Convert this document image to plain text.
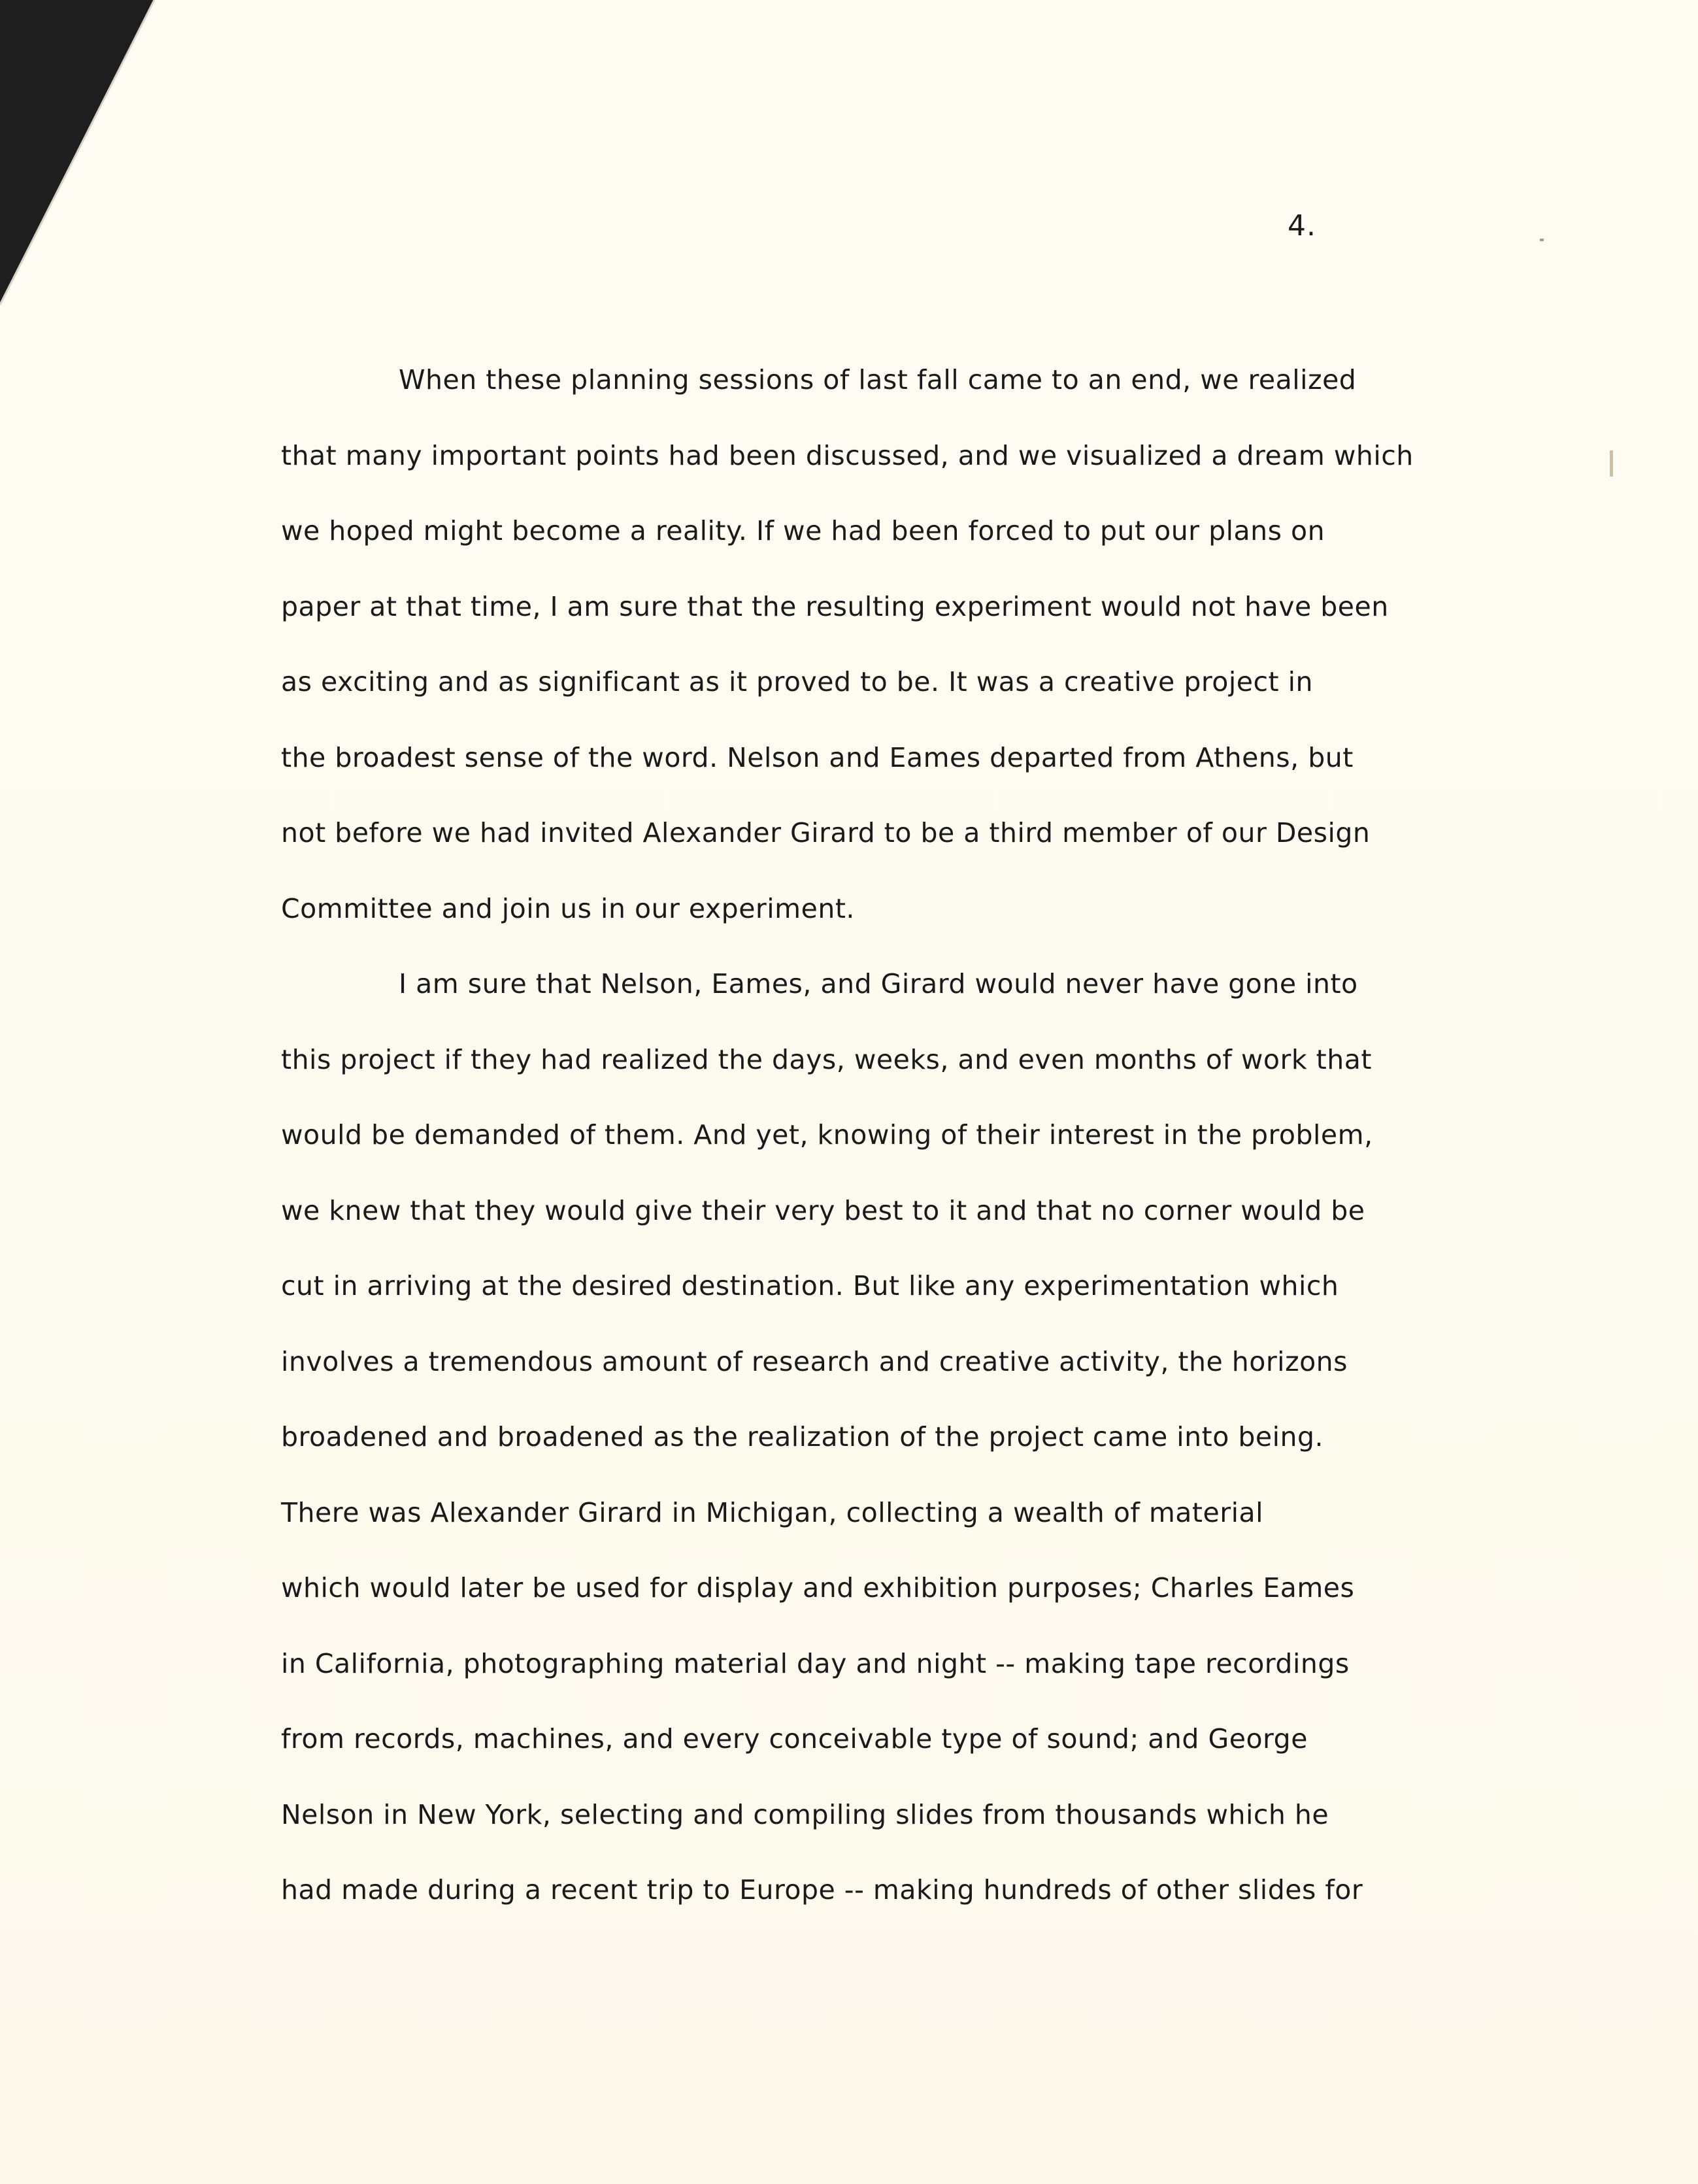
4.
When these planning sessions of last fall came to an end, we realized
that many important points had been discussed, and we visualized a dream which
we hoped might become a reality. If we had been forced to put our plans on
paper at that time, I am sure that the resulting experiment would not have been
as exciting and as significant as it proved to be. It was a creative project in
the broadest sense of the word. Nelson and Eames departed from Athens, but
not before we had invited Alexander Girard to be a third member of our Design
Committee and join us in our experiment.
I am sure that Nelson, Eames, and Girard would never have gone into
this project if they had realized the days, weeks, and even months of work that
would be demanded of them. And yet, knowing of their interest in the problem,
we knew that they would give their very best to it and that no corner would be
cut in arriving at the desired destination. But like any experimentation which
involves a tremendous amount of research and creative activity, the horizons
broadened and broadened as the realization of the project came into being.
There was Alexander Girard in Michigan, collecting a wealth of material
which would later be used for display and exhibition purposes; Charles Eames
in California, photographing material day and night -- making tape recordings
from records, machines, and every conceivable type of sound; and George
Nelson in New York, selecting and compiling slides from thousands which he
had made during a recent trip to Europe -- making hundreds of other slides for
